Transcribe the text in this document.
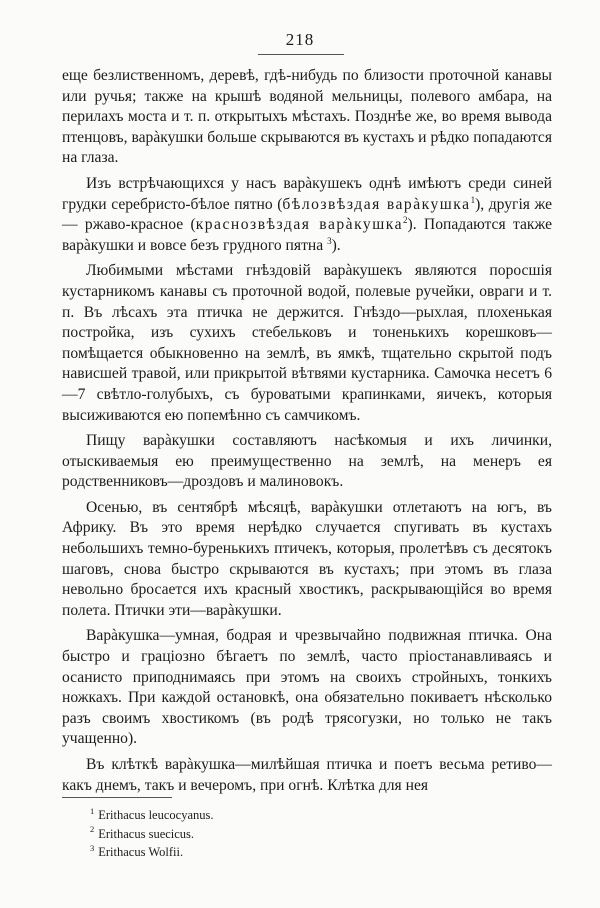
218

еще безлиственномъ, деревѣ, гдѣ-нибудь по близости проточной канавы или ручья; также на крышѣ водяной мельницы, полевого амбара, на перилахъ моста и т. п. открытыхъ мѣстахъ. Позднѣе же, во время вывода птенцовъ, варàкушки больше скрываются въ кустахъ и рѣдко попадаются на глаза.

Изъ встрѣчающихся у насъ варàкушекъ однѣ имѣютъ среди синей грудки серебристо-бѣлое пятно (бѣлозвѣздая варàкушка$^1$), другія же — ржаво-красное (краснозвѣздая варàкушка$^2$). Попадаются также варàкушки и вовсе безъ грудного пятна $^3$).

Любимыми мѣстами гнѣздовій варàкушекъ являются поросшія кустарникомъ канавы съ проточной водой, полевые ручейки, овраги и т. п. Въ лѣсахъ эта птичка не держится. Гнѣздо—рыхлая, плохенькая постройка, изъ сухихъ стебельковъ и тоненькихъ корешковъ—помѣщается обыкновенно на землѣ, въ ямкѣ, тщательно скрытой подъ нависшей травой, или прикрытой вѣтвями кустарника. Самочка несетъ 6—7 свѣтло-голубыхъ, съ буроватыми крапинками, яичекъ, которыя высиживаются ею попемѣнно съ самчикомъ.

Пищу варàкушки составляютъ насѣкомыя и ихъ личинки, отыскиваемыя ею преимущественно на землѣ, на менеръ ея родственниковъ—дроздовъ и малиновокъ.

Осенью, въ сентябрѣ мѣсяцѣ, варàкушки отлетаютъ на югъ, въ Африку. Въ это время нерѣдко случается спугивать въ кустахъ небольшихъ темно-буренькихъ птичекъ, которыя, пролетѣвъ съ десятокъ шаговъ, снова быстро скрываются въ кустахъ; при этомъ въ глаза невольно бросается ихъ красный хвостикъ, раскрывающійся во время полета. Птички эти—варàкушки.

Варàкушка—умная, бодрая и чрезвычайно подвижная птичка. Она быстро и граціозно бѣгаетъ по землѣ, часто пріостанавливаясь и осанисто приподнимаясь при этомъ на своихъ стройныхъ, тонкихъ ножкахъ. При каждой остановкѣ, она обязательно покиваетъ нѣсколько разъ своимъ хвостикомъ (въ родѣ трясогузки, но только не такъ учащенно).

Въ клѣткѣ варàкушка—милѣйшая птичка и поетъ весьма ретиво—какъ днемъ, такъ и вечеромъ, при огнѣ. Клѣтка для нея

$^1$ Erithacus leucocyanus.
$^2$ Erithacus suecicus.
$^3$ Erithacus Wolfii.
